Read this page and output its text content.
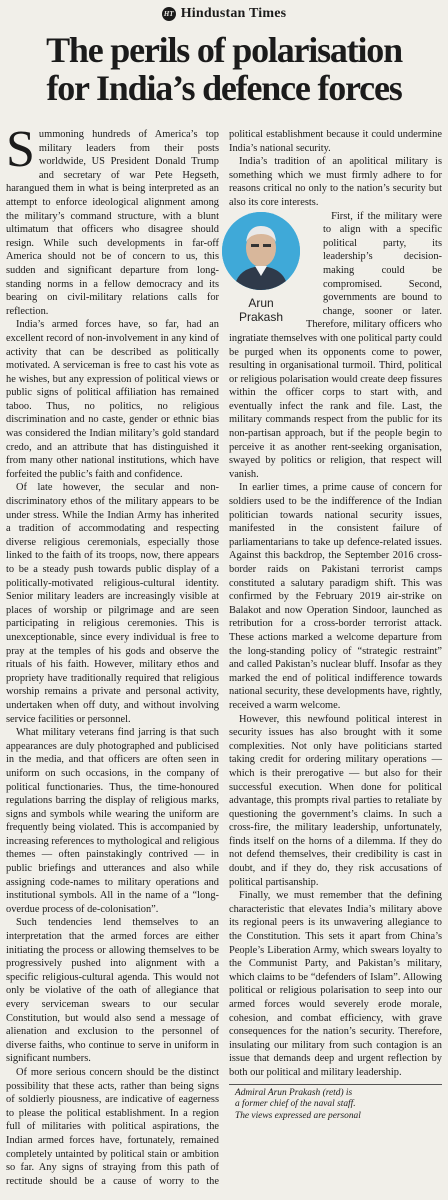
HT Hindustan Times
The perils of polarisation
for India’s defence forces

Summoning hundreds of America’s top military leaders from their posts worldwide, US President Donald Trump and secretary of war Pete Hegseth, harangued them in what is being interpreted as an attempt to enforce ideological alignment among the military’s command structure, with a blunt ultimatum that officers who disagree should resign. While such developments in far-off America should not be of concern to us, this sudden and significant departure from long-standing norms in a fellow democracy and its bearing on civil-military relations calls for reflection.

India’s armed forces have, so far, had an excellent record of non-involvement in any kind of activity that can be described as politically motivated. A serviceman is free to cast his vote as he wishes, but any expression of political views or public signs of political affiliation has remained taboo. Thus, no politics, no religious discrimination and no caste, gender or ethnic bias was considered the Indian military’s gold standard credo, and an attribute that has distinguished it from many other national institutions, which have forfeited the public’s faith and confidence.

Of late however, the secular and non-discriminatory ethos of the military appears to be under stress. While the Indian Army has inherited a tradition of accommodating and respecting diverse religious ceremonials, especially those linked to the faith of its troops, now, there appears to be a steady push towards public display of a politically-motivated religious-cultural identity. Senior military leaders are increasingly visible at places of worship or pilgrimage and are seen participating in religious ceremonies. This is unexceptionable, since every individual is free to pray at the temples of his gods and observe the rituals of his faith. However, military ethos and propriety have traditionally required that religious worship remains a private and personal activity, undertaken when off duty, and without involving service facilities or personnel.

What military veterans find jarring is that such appearances are duly photographed and publicised in the media, and that officers are often seen in uniform on such occasions, in the company of political functionaries. Thus, the time-honoured regulations barring the display of religious marks, signs and symbols while wearing the uniform are frequently being violated. This is accompanied by increasing references to mythological and religious themes — often painstakingly contrived — in public briefings and utterances and also while assigning code-names to military operations and institutional symbols. All in the name of a “long-overdue process of de-colonisation”.

Such tendencies lend themselves to an interpretation that the armed forces are either initiating the process or allowing themselves to be progressively pushed into alignment with a specific religious-cultural agenda. This would not only be violative of the oath of allegiance that every serviceman swears to our secular Constitution, but would also send a message of alienation and exclusion to the personnel of diverse faiths, who continue to serve in uniform in significant numbers.

Of more serious concern should be the distinct possibility that these acts, rather than being signs of soldierly piousness, are indicative of eagerness to please the political establishment. In a region full of militaries with political aspirations, the Indian armed forces have, fortunately, remained completely untainted by political stain or ambition so far. Any signs of straying from this path of rectitude should be a cause of worry to the political establishment because it could undermine India’s national security.

India’s tradition of an apolitical military is something which we must firmly adhere to for reasons critical no only to the nation’s security but also its core interests.

Arun
Prakash

First, if the military were to align with a specific political party, its leadership’s decision-making could be compromised. Second, governments are bound to change, sooner or later. Therefore, military officers who ingratiate themselves with one political party could be purged when its opponents come to power, resulting in organisational turmoil. Third, political or religious polarisation would create deep fissures within the officer corps to start with, and eventually infect the rank and file. Last, the military commands respect from the public for its non-partisan approach, but if the people begin to perceive it as another rent-seeking organisation, swayed by politics or religion, that respect will vanish.

In earlier times, a prime cause of concern for soldiers used to be the indifference of the Indian politician towards national security issues, manifested in the consistent failure of parliamentarians to take up defence-related issues. Against this backdrop, the September 2016 cross-border raids on Pakistani terrorist camps constituted a salutary paradigm shift. This was confirmed by the February 2019 air-strike on Balakot and now Operation Sindoor, launched as retribution for a cross-border terrorist attack. These actions marked a welcome departure from the long-standing policy of “strategic restraint” and called Pakistan’s nuclear bluff. Insofar as they marked the end of political indifference towards national security, these developments have, rightly, received a warm welcome.

However, this newfound political interest in security issues has also brought with it some complexities. Not only have politicians started taking credit for ordering military operations — which is their prerogative — but also for their successful execution. When done for political advantage, this prompts rival parties to retaliate by questioning the government’s claims. In such a cross-fire, the military leadership, unfortunately, finds itself on the horns of a dilemma. If they do not defend themselves, their credibility is cast in doubt, and if they do, they risk accusations of political partisanship.

Finally, we must remember that the defining characteristic that elevates India’s military above its regional peers is its unwavering allegiance to the Constitution. This sets it apart from China’s People’s Liberation Army, which swears loyalty to the Communist Party, and Pakistan’s military, which claims to be “defenders of Islam”. Allowing political or religious polarisation to seep into our armed forces would severely erode morale, cohesion, and combat efficiency, with grave consequences for the nation’s security. Therefore, insulating our military from such contagion is an issue that demands deep and urgent reflection by both our political and military leadership.

Admiral Arun Prakash (retd) is
a former chief of the naval staff.
The views expressed are personal
